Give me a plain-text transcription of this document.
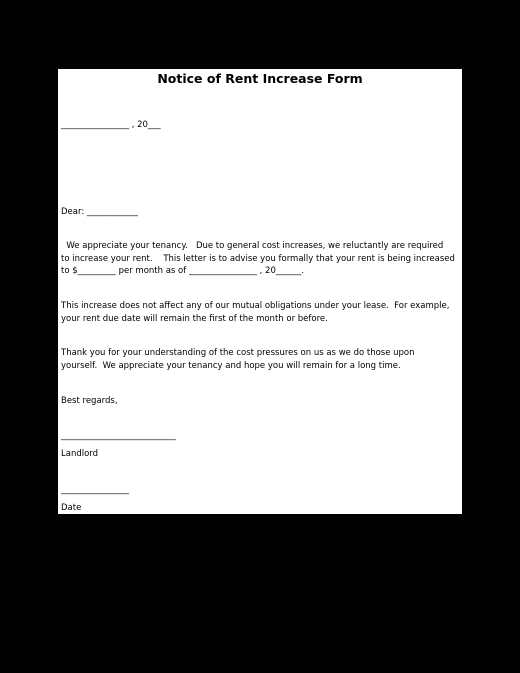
Notice of Rent Increase Form
________________ , 20___
Dear: ____________
We appreciate your tenancy.   Due to general cost increases, we reluctantly are required
to increase your rent.    This letter is to advise you formally that your rent is being increased
to $_________ per month as of ________________ , 20______.
This increase does not affect any of our mutual obligations under your lease.  For example,
your rent due date will remain the first of the month or before.
Thank you for your understanding of the cost pressures on us as we do those upon
yourself.  We appreciate your tenancy and hope you will remain for a long time.
Best regards,
___________________________
Landlord
________________
Date
